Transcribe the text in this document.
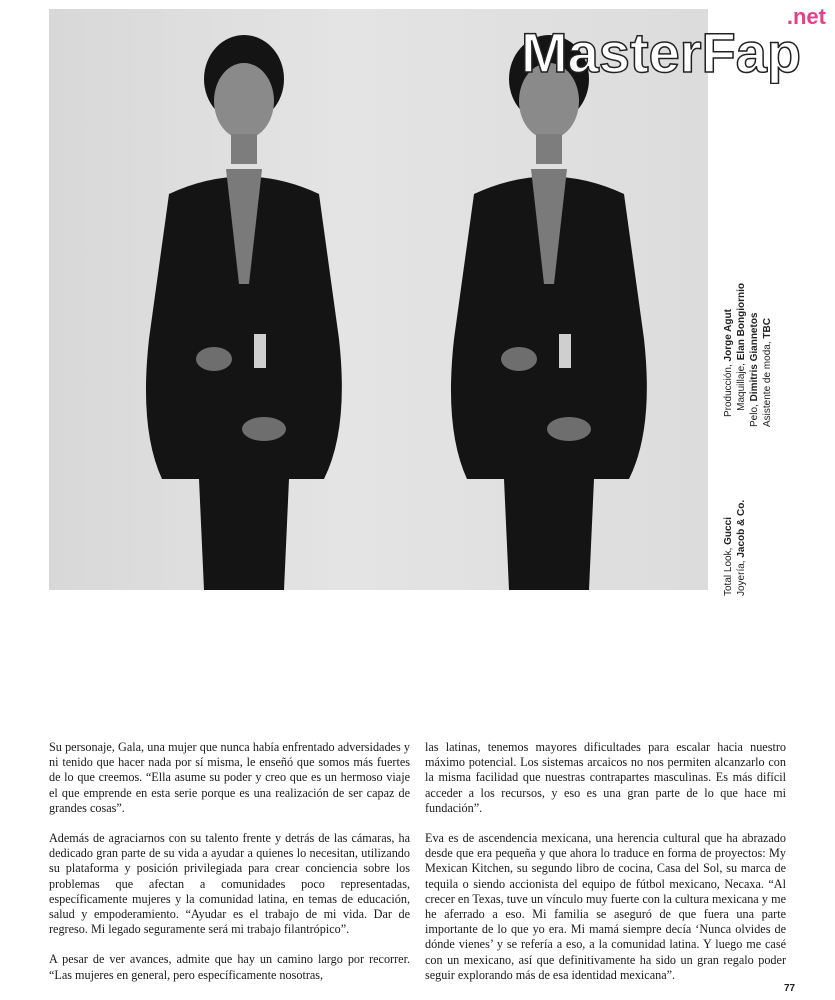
.net
MasterFap
Total Look, GucciProducción, Jorge Agut
Joyería, Jacob & Co.Maquillaje, Elan Bongiornio
Pelo, Dimitris Giannetos Asistente de moda, TBC

Su personaje, Gala, una mujer que nunca había enfrentado adversidades y ni tenido que hacer nada por sí misma, le enseñó que somos más fuertes de lo que creemos. “Ella asume su poder y creo que es un hermoso viaje el que emprende en esta serie porque es una realización de ser capaz de grandes cosas”.

Además de agraciarnos con su talento frente y detrás de las cámaras, ha dedicado gran parte de su vida a ayudar a quienes lo necesitan, utilizando su plataforma y posición privilegiada para crear conciencia sobre los problemas que afectan a comunidades poco representadas, específicamente mujeres y la comunidad latina, en temas de educación, salud y empoderamiento. “Ayudar es el trabajo de mi vida. Dar de regreso. Mi legado seguramente será mi trabajo filantrópico”.

A pesar de ver avances, admite que hay un camino largo por recorrer. “Las mujeres en general, pero específicamente nosotras,

las latinas, tenemos mayores dificultades para escalar hacia nuestro máximo potencial. Los sistemas arcaicos no nos permiten alcanzarlo con la misma facilidad que nuestras contrapartes masculinas. Es más difícil acceder a los recursos, y eso es una gran parte de lo que hace mi fundación”.

Eva es de ascendencia mexicana, una herencia cultural que ha abrazado desde que era pequeña y que ahora lo traduce en forma de proyectos: My Mexican Kitchen, su segundo libro de cocina, Casa del Sol, su marca de tequila o siendo accionista del equipo de fútbol mexicano, Necaxa. “Al crecer en Texas, tuve un vínculo muy fuerte con la cultura mexicana y me he aferrado a eso. Mi familia se aseguró de que fuera una parte importante de lo que yo era. Mi mamá siempre decía ‘Nunca olvides de dónde vienes’ y se refería a eso, a la comunidad latina. Y luego me casé con un mexicano, así que definitivamente ha sido un gran regalo poder seguir explorando más de esa identidad mexicana”.

77
